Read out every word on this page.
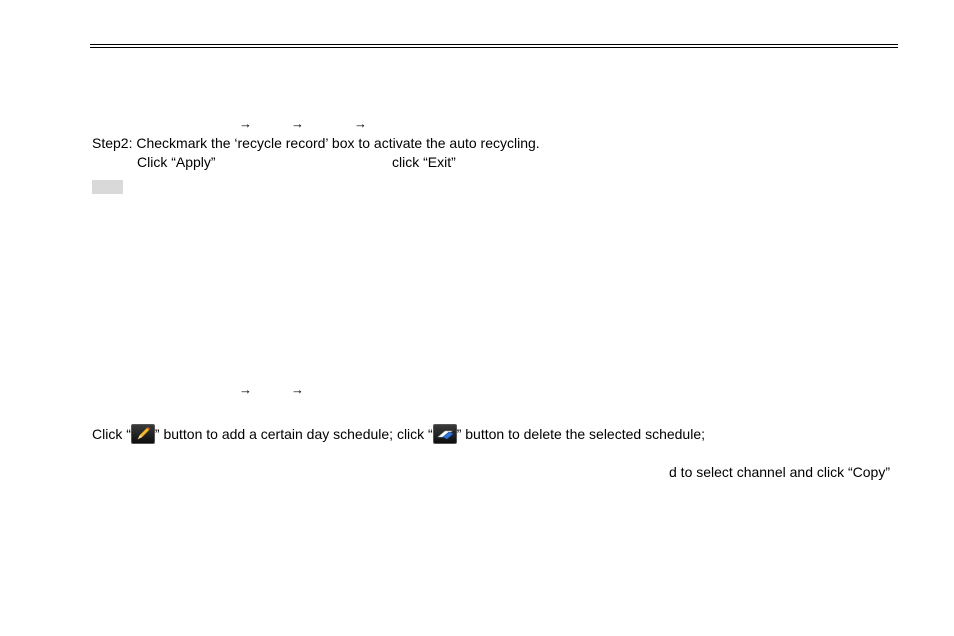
→	→	→
Step2: Checkmark the ‘recycle record’ box to activate the auto recycling.
Click “Apply”	click “Exit”
→	→
Click “ ” button to add a certain day schedule; click “ ” button to delete the selected schedule;
d to select channel and click “Copy”
